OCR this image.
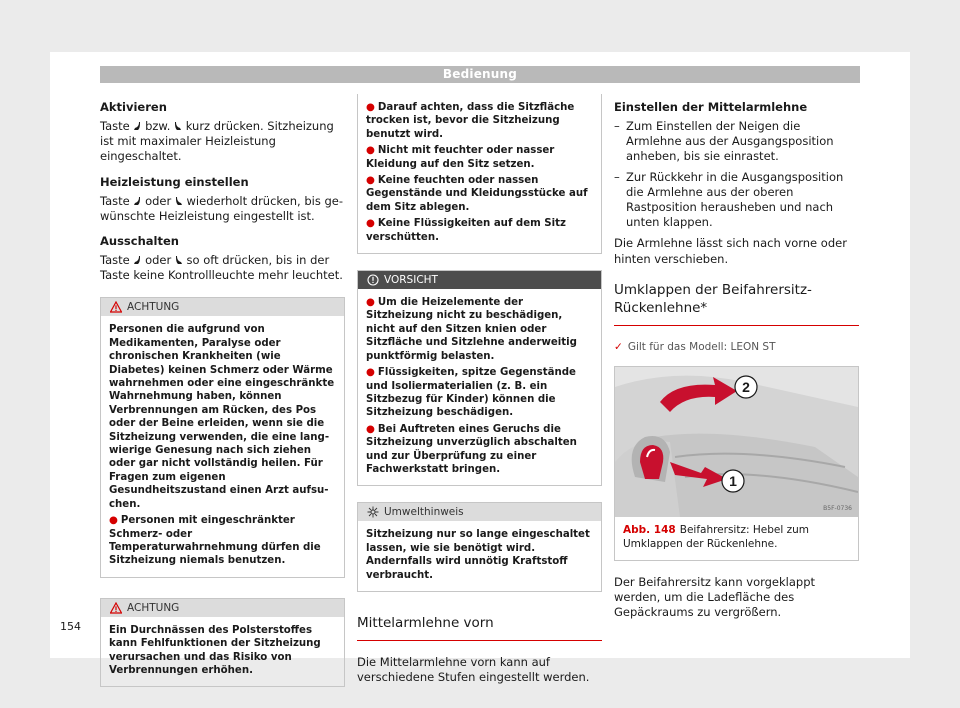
Bedienung
Aktivieren
Taste bzw. kurz drücken. Sitzheizung ist mit maximaler Heizleistung eingeschaltet.
Heizleistung einstellen
Taste oder wiederholt drücken, bis gewünschte Heizleistung eingestellt ist.
Ausschalten
Taste oder so oft drücken, bis in der Taste keine Kontrollleuchte mehr leuchtet.
ACHTUNG

Personen die aufgrund von Medikamenten, Paralyse oder chronischen Krankheiten (wie Diabetes) keinen Schmerz oder Wärme wahrnehmen oder eine eingeschränkte Wahrnehmung haben, können Verbrennungen am Rücken, des Pos oder der Beine erleiden, wenn sie die Sitzheizung verwenden, die eine langwierige Genesung nach sich ziehen oder gar nicht vollständig heilen. Für Fragen zum eigenen Gesundheitszustand einen Arzt aufsuchen.

● Personen mit eingeschränkter Schmerz- oder Temperaturwahrnehmung dürfen die Sitzheizung niemals benutzen.

ACHTUNG

Ein Durchnässen des Polsterstoffes kann Fehlfunktionen der Sitzheizung verursachen und das Risiko von Verbrennungen erhöhen.

● Darauf achten, dass die Sitzfläche trocken ist, bevor die Sitzheizung benutzt wird.

● Nicht mit feuchter oder nasser Kleidung auf den Sitz setzen.

● Keine feuchten oder nassen Gegenstände und Kleidungsstücke auf dem Sitz ablegen.

● Keine Flüssigkeiten auf dem Sitz verschütten.

VORSICHT

● Um die Heizelemente der Sitzheizung nicht zu beschädigen, nicht auf den Sitzen knien oder Sitzfläche und Sitzlehne anderweitig punktförmig belasten.

● Flüssigkeiten, spitze Gegenstände und Isoliermaterialien (z. B. ein Sitzbezug für Kinder) können die Sitzheizung beschädigen.

● Bei Auftreten eines Geruchs die Sitzheizung unverzüglich abschalten und zur Überprüfung zu einer Fachwerkstatt bringen.

Umwelthinweis

Sitzheizung nur so lange eingeschaltet lassen, wie sie benötigt wird. Andernfalls wird unnötig Kraftstoff verbraucht.

Mittelarmlehne vorn
Die Mittelarmlehne vorn kann auf verschiedene Stufen eingestellt werden.
Einstellen der Mittelarmlehne
– Zum Einstellen der Neigen die Armlehne aus der Ausgangsposition anheben, bis sie einrastet.
– Zur Rückkehr in die Ausgangsposition die Armlehne aus der oberen Rastposition herausheben und nach unten klappen.
Die Armlehne lässt sich nach vorne oder hinten verschieben.
Umklappen der Beifahrersitz-Rückenlehne*
✓ Gilt für das Modell: LEON ST
2
1
B5F-0736
Abb. 148 Beifahrersitz: Hebel zum Umklappen der Rückenlehne.
Der Beifahrersitz kann vorgeklappt werden, um die Ladefläche des Gepäckraums zu vergrößern.
154
